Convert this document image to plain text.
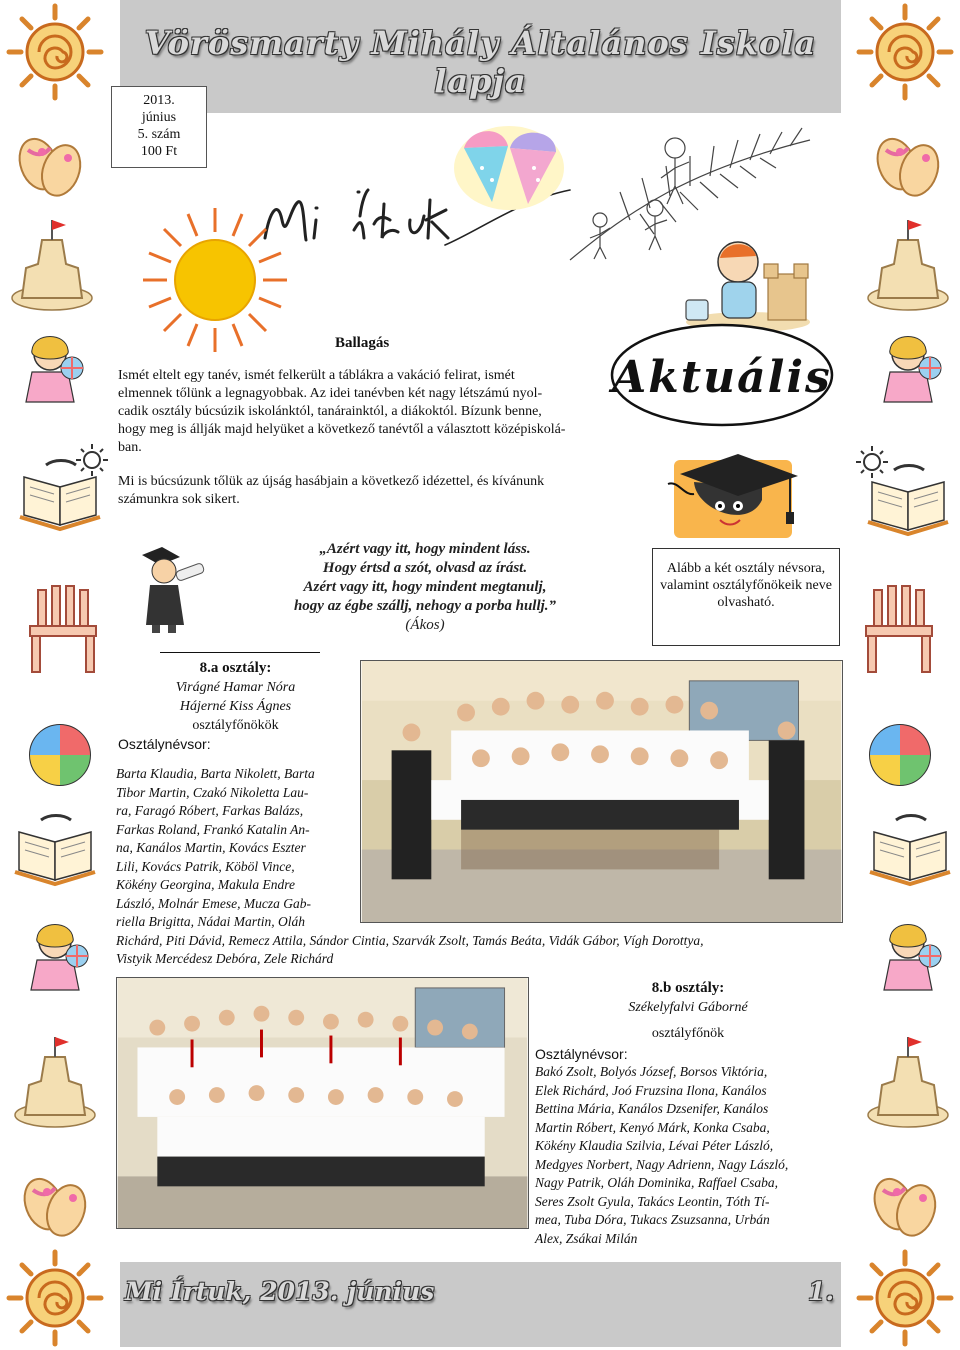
Vörösmarty Mihály Általános Iskola lapja
2013.
június
5. szám
100 Ft
Aktuális
Ballagás
Ismét eltelt egy tanév, ismét felkerült a táblákra a vakáció felirat, ismét
elmennek tőlünk a legnagyobbak. Az idei tanévben két nagy létszámú nyol-
cadik osztály búcsúzik iskolánktól, tanárainktól, a diákoktól. Bízunk benne,
hogy meg is állják majd helyüket a következő tanévtől a választott középiskolá-
ban.
Mi is búcsúzunk tőlük az újság hasábjain a következő idézettel, és kívánunk
számunkra sok sikert.
„Azért vagy itt, hogy mindent láss.
Hogy értsd a szót, olvasd az írást.
Azért vagy itt, hogy mindent megtanulj,
hogy az égbe szállj, nehogy a porba hullj.”
(Ákos)
Alább a két osztály névsora, valamint osztályfőnökeik neve olvasható.
8.a osztály:
Virágné Hamar Nóra
Hájerné Kiss Ágnes
osztályfőnökök
Osztálynévsor:
Barta Klaudia, Barta Nikolett, Barta
Tibor Martin, Czakó Nikoletta Lau-
ra, Faragó Róbert, Farkas Balázs,
Farkas Roland, Frankó Katalin An-
na, Kanálos Martin, Kovács Eszter
Lili, Kovács Patrik, Köböl Vince,
Kökény Georgina, Makula Endre
László, Molnár Emese, Mucza Gab-
riella Brigitta, Nádai Martin, Oláh
Richárd, Piti Dávid, Remecz Attila, Sándor Cintia, Szarvák Zsolt, Tamás Beáta, Vidák Gábor, Vígh Dorottya,
Vistyik Mercédesz Debóra, Zele Richárd
8.b osztály:
Székelyfalvi Gáborné
osztályfőnök
Osztálynévsor:
Bakó Zsolt, Bolyós József, Borsos Viktória,
Elek Richárd, Joó Fruzsina Ilona, Kanálos
Bettina Mária, Kanálos Dzsenifer, Kanálos
Martin Róbert, Kenyó Márk, Konka Csaba,
Kökény Klaudia Szilvia, Lévai Péter László,
Medgyes Norbert, Nagy Adrienn, Nagy László,
Nagy Patrik, Oláh Dominika, Raffael Csaba,
Seres Zsolt Gyula, Takács Leontin, Tóth Tí-
mea, Tuba Dóra, Tukacs Zsuzsanna, Urbán
Alex, Zsákai Milán
Mi Írtuk, 2013. június	1.
